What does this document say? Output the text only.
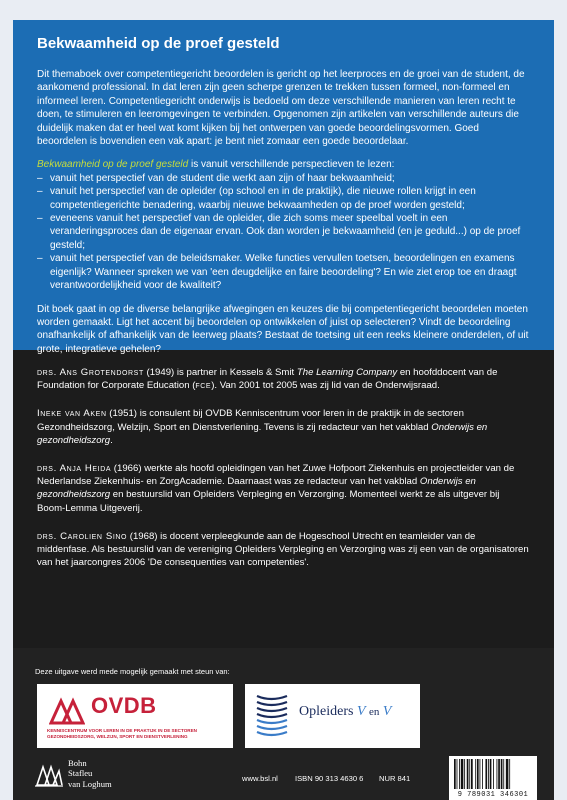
Bekwaamheid op de proef gesteld

Dit themaboek over competentiegericht beoordelen is gericht op het leerproces en de groei van de student, de aankomend professional. In dat leren zijn geen scherpe grenzen te trekken tussen formeel, non-formeel en informeel leren. Competentiegericht onderwijs is bedoeld om deze verschillende manieren van leren recht te doen, te stimuleren en leeromgevingen te verbinden. Opgenomen zijn artikelen van verschillende auteurs die duidelijk maken dat er heel wat komt kijken bij het ontwerpen van goede beoordelingsvormen. Goed beoordelen is bovendien een vak apart: je bent niet zomaar een goede beoordelaar.

Bekwaamheid op de proef gesteld is vanuit verschillende perspectieven te lezen:

– vanuit het perspectief van de student die werkt aan zijn of haar bekwaamheid;
– vanuit het perspectief van de opleider (op school en in de praktijk), die nieuwe rollen krijgt in een competentiegerichte benadering, waarbij nieuwe bekwaamheden op de proef worden gesteld;
– eveneens vanuit het perspectief van de opleider, die zich soms meer speelbal voelt in een veranderingsproces dan de eigenaar ervan. Ook dan worden je bekwaamheid (en je geduld...) op de proef gesteld;
– vanuit het perspectief van de beleidsmaker. Welke functies vervullen toetsen, beoordelingen en examens eigenlijk? Wanneer spreken we van 'een deugdelijke en faire beoordeling'? En wie ziet erop toe en draagt verantwoordelijkheid voor de kwaliteit?

Dit boek gaat in op de diverse belangrijke afwegingen en keuzes die bij competentiegericht beoordelen moeten worden gemaakt. Ligt het accent bij beoordelen op ontwikkelen of juist op selecteren? Vindt de beoordeling onafhankelijk of afhankelijk van de leerweg plaats? Bestaat de toetsing uit een reeks kleinere onderdelen, of uit grote, integratieve gehelen?

drs. Ans Grotendorst (1949) is partner in Kessels & Smit The Learning Company en hoofddocent van de Foundation for Corporate Education (fce). Van 2001 tot 2005 was zij lid van de Onderwijsraad.

Ineke van Aken (1951) is consulent bij OVDB Kenniscentrum voor leren in de praktijk in de sectoren Gezondheidszorg, Welzijn, Sport en Dienstverlening. Tevens is zij redacteur van het vakblad Onderwijs en gezondheidszorg.

drs. Anja Heida (1966) werkte als hoofd opleidingen van het Zuwe Hofpoort Ziekenhuis en projectleider van de Nederlandse Ziekenhuis- en ZorgAcademie. Daarnaast was ze redacteur van het vakblad Onderwijs en gezondheidszorg en bestuurslid van Opleiders Verpleging en Verzorging. Momenteel werkt ze als uitgever bij Boom-Lemma Uitgeverij.

drs. Carolien Sino (1968) is docent verpleegkunde aan de Hogeschool Utrecht en teamleider van de middenfase. Als bestuurslid van de vereniging Opleiders Verpleging en Verzorging was zij een van de organisatoren van het jaarcongres 2006 'De consequenties van competenties'.

Deze uitgave werd mede mogelijk gemaakt met steun van:
OVDB
KENNISCENTRUM VOOR LEREN IN DE PRAKTIJK IN DE SECTOREN
GEZONDHEIDSZORG, WELZIJN, SPORT EN DIENSTVERLENING
Opleiders V en V
Bohn
Stafleu
van Loghum
www.bsl.nl ISBN 90 313 4630 6 NUR 841
9 789031 346301
